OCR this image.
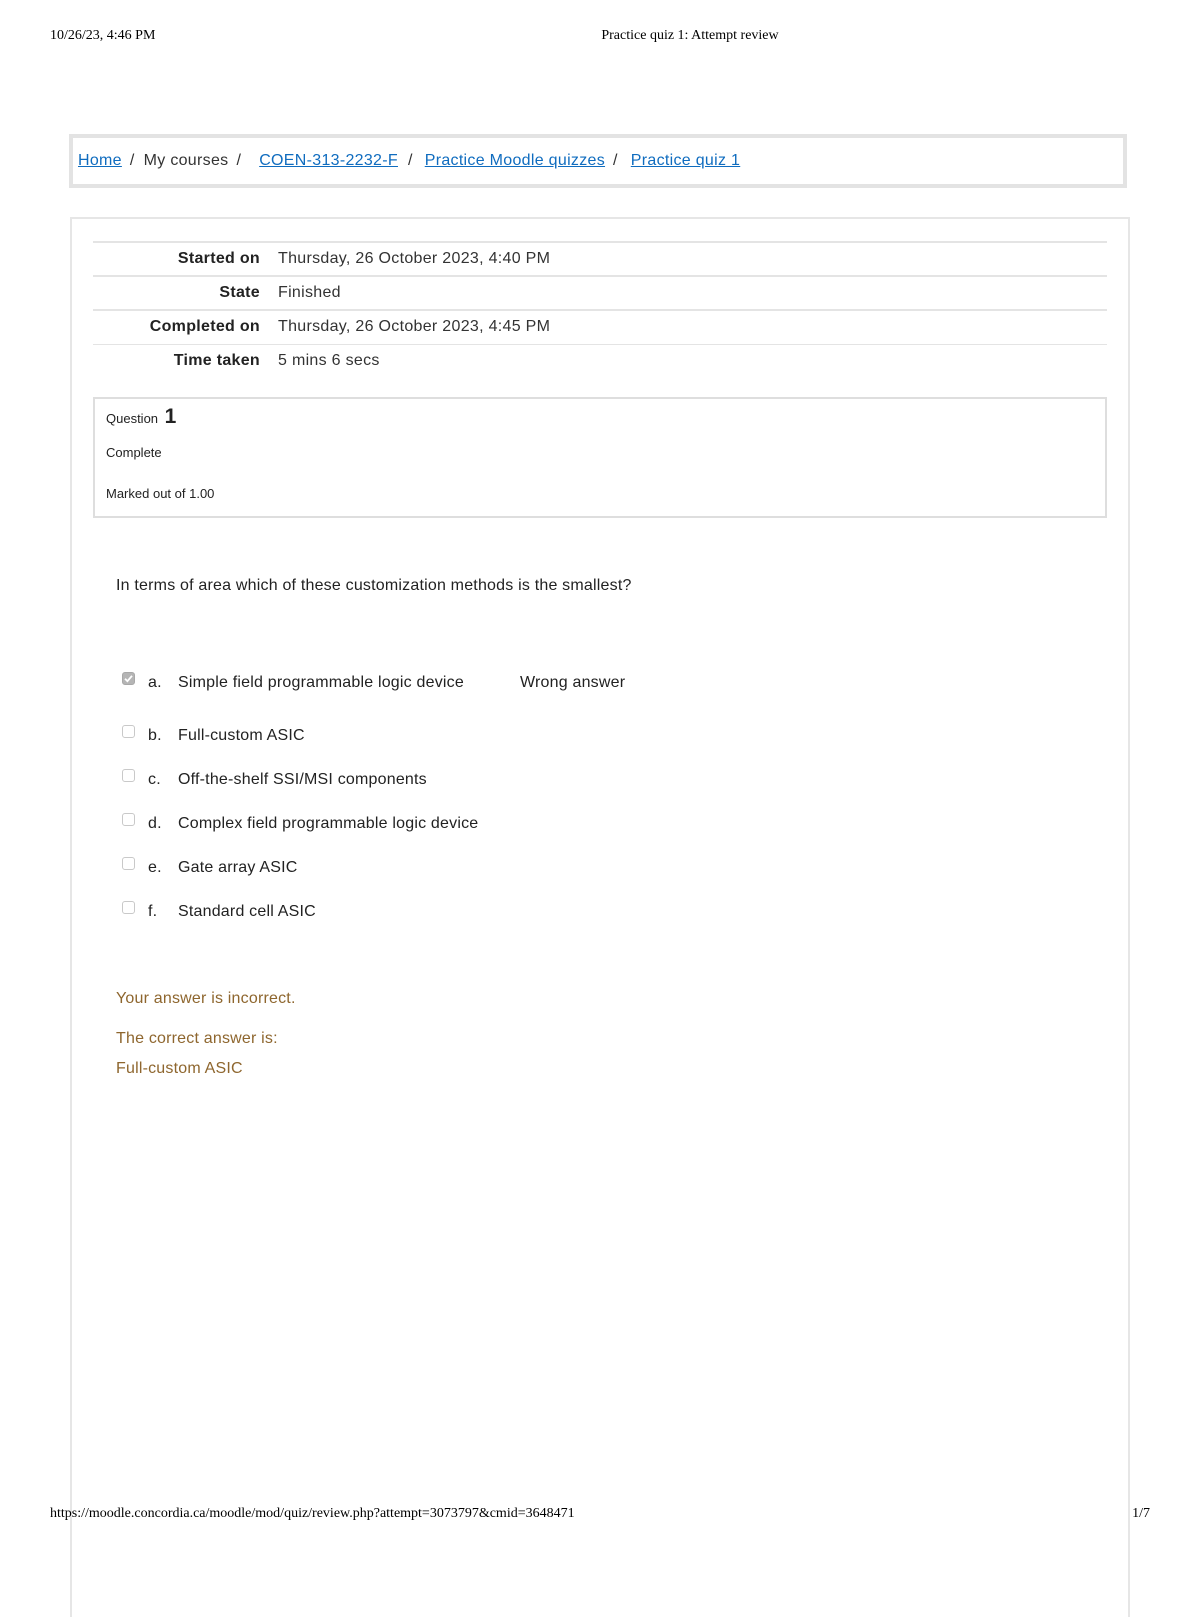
10/26/23, 4:46 PM	Practice quiz 1: Attempt review
Home / My courses / COEN-313-2232-F / Practice Moodle quizzes / Practice quiz 1
Started on	Thursday, 26 October 2023, 4:40 PM
State	Finished
Completed on	Thursday, 26 October 2023, 4:45 PM
Time taken	5 mins 6 secs
Question 1
Complete
Marked out of 1.00
In terms of area which of these customization methods is the smallest?
a. Simple field programmable logic device	Wrong answer
b. Full-custom ASIC
c. Off-the-shelf SSI/MSI components
d. Complex field programmable logic device
e. Gate array ASIC
f. Standard cell ASIC
Your answer is incorrect.
The correct answer is:
Full-custom ASIC
https://moodle.concordia.ca/moodle/mod/quiz/review.php?attempt=3073797&cmid=3648471	1/7
